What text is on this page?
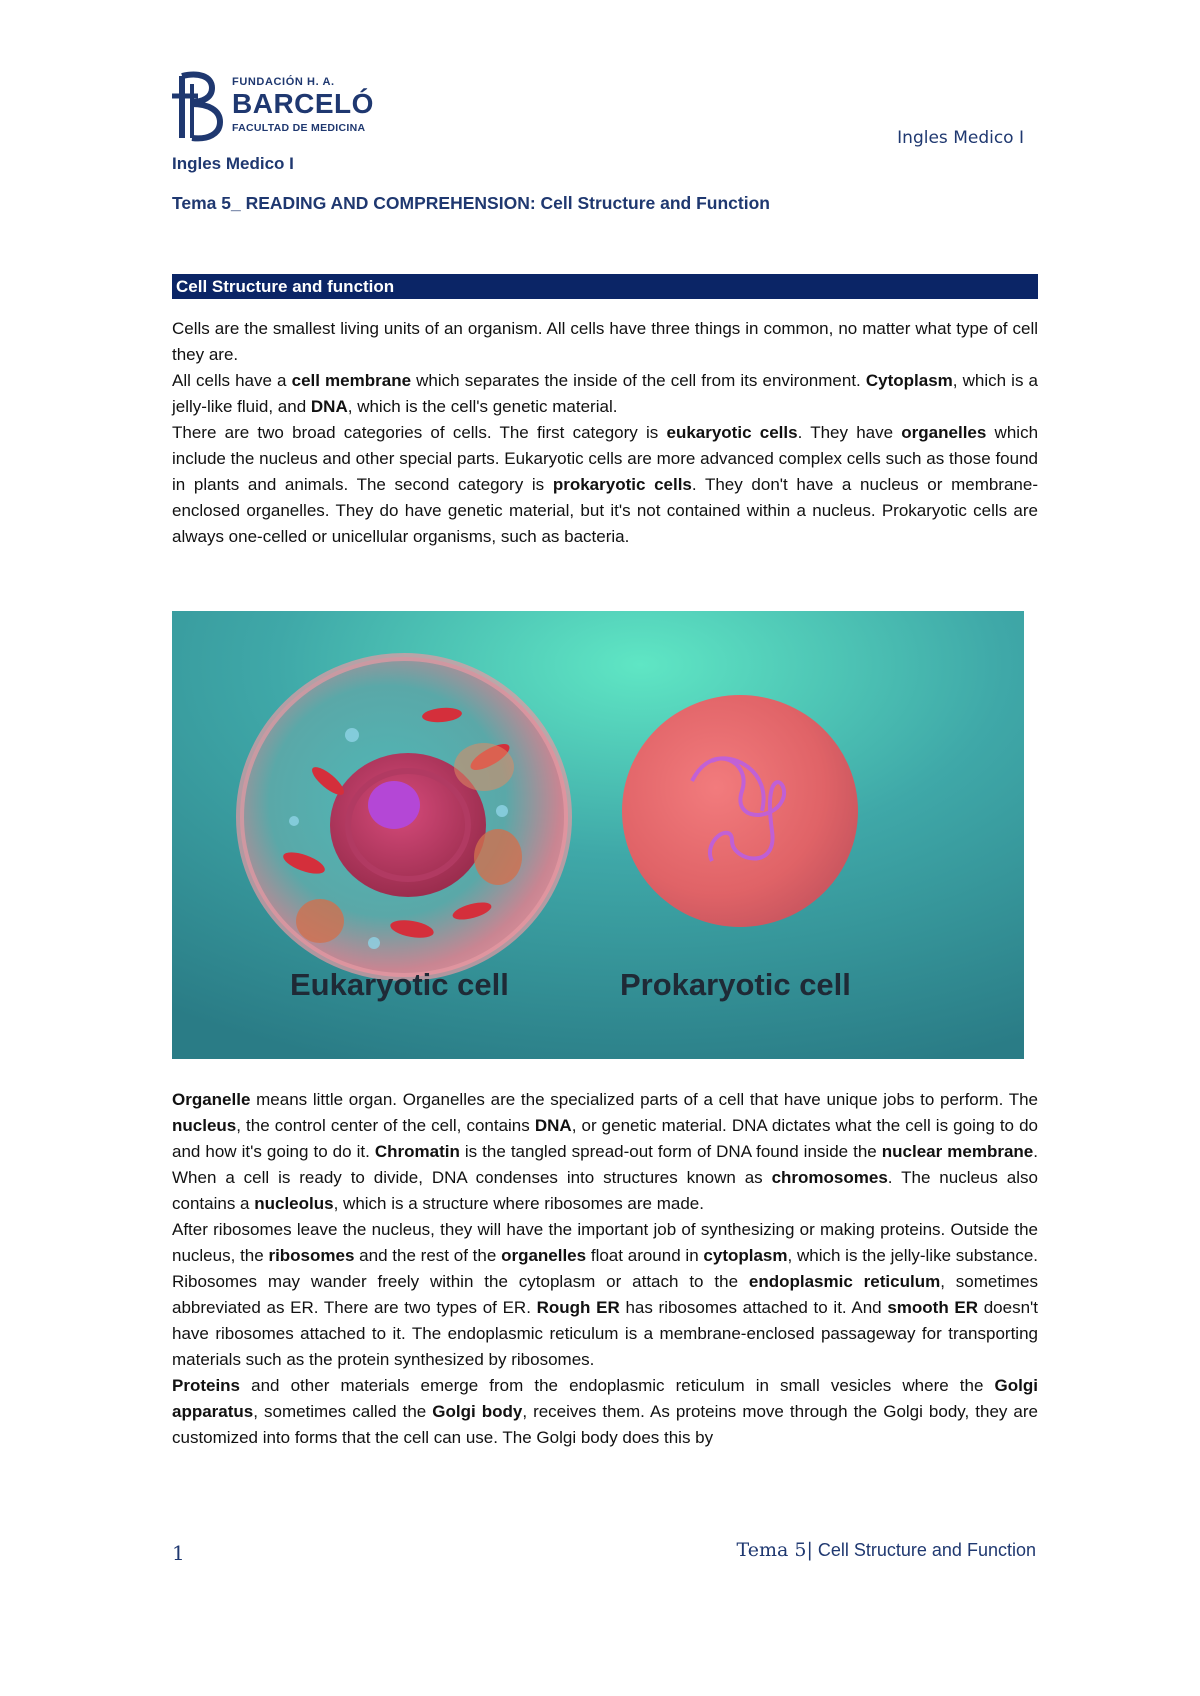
FUNDACIÓN H. A.
BARCELÓ
FACULTAD DE MEDICINA	Ingles Medico I
Ingles Medico I
Tema 5_ READING AND COMPREHENSION: Cell Structure and Function
Cell Structure and function

Cells are the smallest living units of an organism. All cells have three things in common, no matter what type of cell they are.

All cells have a cell membrane which separates the inside of the cell from its environment. Cytoplasm, which is a jelly-like fluid, and DNA, which is the cell's genetic material.

There are two broad categories of cells. The first category is eukaryotic cells. They have organelles which include the nucleus and other special parts. Eukaryotic cells are more advanced complex cells such as those found in plants and animals. The second category is prokaryotic cells. They don't have a nucleus or membrane-enclosed organelles. They do have genetic material, but it's not contained within a nucleus. Prokaryotic cells are always one-celled or unicellular organisms, such as bacteria.

Eukaryotic cell	Prokaryotic cell

Organelle means little organ. Organelles are the specialized parts of a cell that have unique jobs to perform. The nucleus, the control center of the cell, contains DNA, or genetic material. DNA dictates what the cell is going to do and how it's going to do it. Chromatin is the tangled spread-out form of DNA found inside the nuclear membrane. When a cell is ready to divide, DNA condenses into structures known as chromosomes. The nucleus also contains a nucleolus, which is a structure where ribosomes are made.

After ribosomes leave the nucleus, they will have the important job of synthesizing or making proteins. Outside the nucleus, the ribosomes and the rest of the organelles float around in cytoplasm, which is the jelly-like substance. Ribosomes may wander freely within the cytoplasm or attach to the endoplasmic reticulum, sometimes abbreviated as ER. There are two types of ER. Rough ER has ribosomes attached to it. And smooth ER doesn't have ribosomes attached to it. The endoplasmic reticulum is a membrane-enclosed passageway for transporting materials such as the protein synthesized by ribosomes.

Proteins and other materials emerge from the endoplasmic reticulum in small vesicles where the Golgi apparatus, sometimes called the Golgi body, receives them. As proteins move through the Golgi body, they are customized into forms that the cell can use. The Golgi body does this by

1	Tema 5| Cell Structure and Function
